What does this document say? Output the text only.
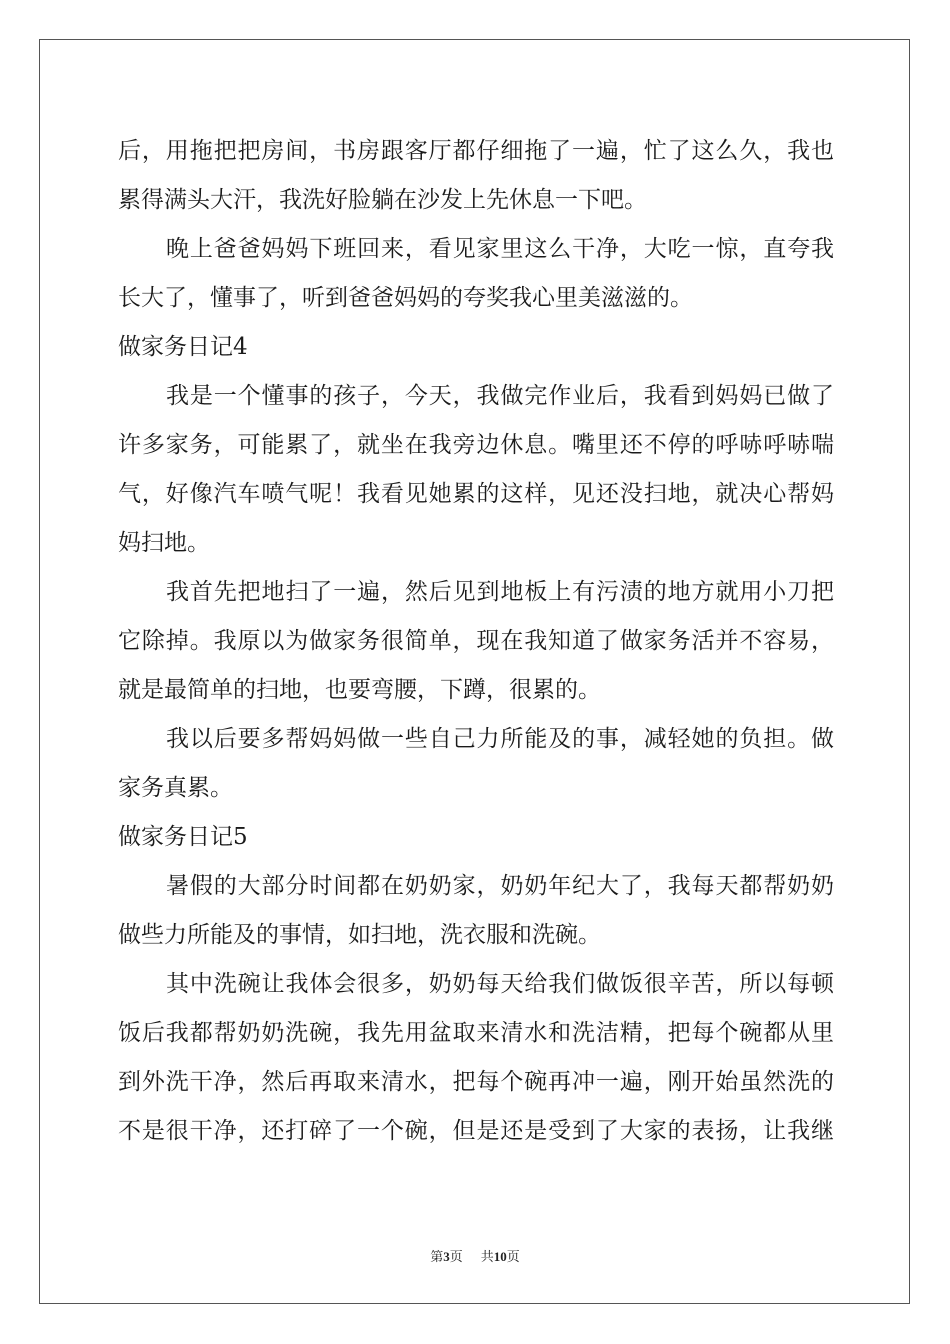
后，用拖把把房间，书房跟客厅都仔细拖了一遍，忙了这么久，我也
累得满头大汗，我洗好脸躺在沙发上先休息一下吧。
晚上爸爸妈妈下班回来，看见家里这么干净，大吃一惊，直夸我
长大了，懂事了，听到爸爸妈妈的夸奖我心里美滋滋的。
做家务日记4
我是一个懂事的孩子，今天，我做完作业后，我看到妈妈已做了
许多家务，可能累了，就坐在我旁边休息。嘴里还不停的呼哧呼哧喘
气，好像汽车喷气呢！我看见她累的这样，见还没扫地，就决心帮妈
妈扫地。
我首先把地扫了一遍，然后见到地板上有污渍的地方就用小刀把
它除掉。我原以为做家务很简单，现在我知道了做家务活并不容易，
就是最简单的扫地，也要弯腰，下蹲，很累的。
我以后要多帮妈妈做一些自己力所能及的事，减轻她的负担。做
家务真累。
做家务日记5
暑假的大部分时间都在奶奶家，奶奶年纪大了，我每天都帮奶奶
做些力所能及的事情，如扫地，洗衣服和洗碗。
其中洗碗让我体会很多，奶奶每天给我们做饭很辛苦，所以每顿
饭后我都帮奶奶洗碗，我先用盆取来清水和洗洁精，把每个碗都从里
到外洗干净，然后再取来清水，把每个碗再冲一遍，刚开始虽然洗的
不是很干净，还打碎了一个碗，但是还是受到了大家的表扬，让我继
第3页 共10页
